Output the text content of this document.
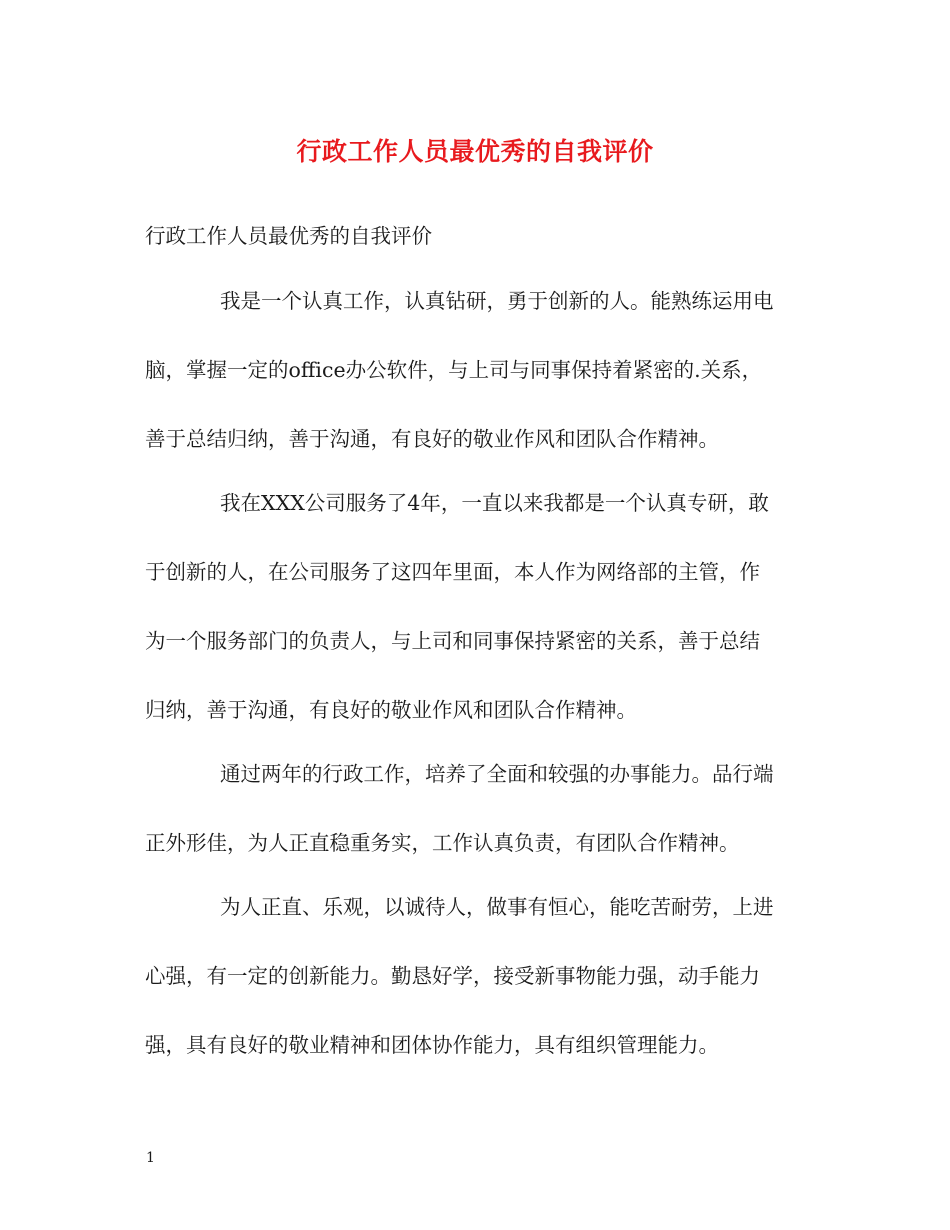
行政工作人员最优秀的自我评价
行政工作人员最优秀的自我评价
我是一个认真工作，认真钻研，勇于创新的人。能熟练运用电
脑，掌握一定的office办公软件，与上司与同事保持着紧密的.关系，
善于总结归纳，善于沟通，有良好的敬业作风和团队合作精神。
我在XXX公司服务了4年，一直以来我都是一个认真专研，敢
于创新的人，在公司服务了这四年里面，本人作为网络部的主管，作
为一个服务部门的负责人，与上司和同事保持紧密的关系，善于总结
归纳，善于沟通，有良好的敬业作风和团队合作精神。
通过两年的行政工作，培养了全面和较强的办事能力。品行端
正外形佳，为人正直稳重务实，工作认真负责，有团队合作精神。
为人正直、乐观，以诚待人，做事有恒心，能吃苦耐劳，上进
心强，有一定的创新能力。勤恳好学，接受新事物能力强，动手能力
强，具有良好的敬业精神和团体协作能力，具有组织管理能力。
1
